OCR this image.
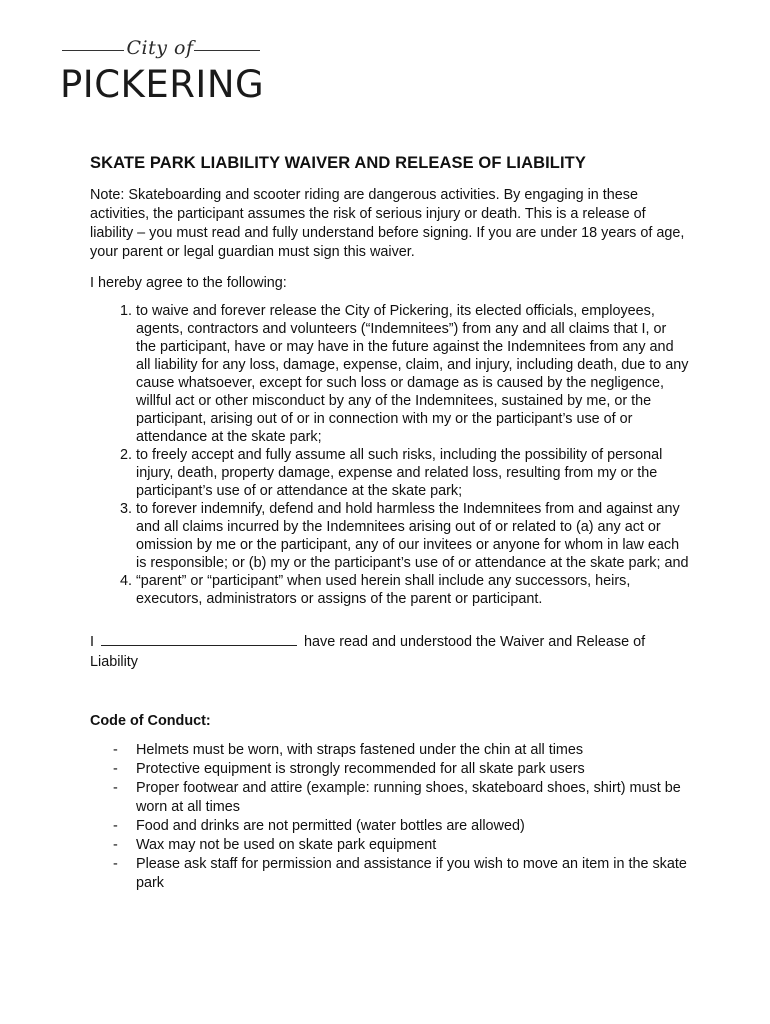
City of
PICKERING
SKATE PARK LIABILITY WAIVER AND RELEASE OF LIABILITY

Note: Skateboarding and scooter riding are dangerous activities. By engaging in these activities, the participant assumes the risk of serious injury or death. This is a release of liability – you must read and fully understand before signing. If you are under 18 years of age, your parent or legal guardian must sign this waiver.

I hereby agree to the following:

1. to waive and forever release the City of Pickering, its elected officials, employees, agents, contractors and volunteers (“Indemnitees”) from any and all claims that I, or the participant, have or may have in the future against the Indemnitees from any and all liability for any loss, damage, expense, claim, and injury, including death, due to any cause whatsoever, except for such loss or damage as is caused by the negligence, willful act or other misconduct by any of the Indemnitees, sustained by me, or the participant, arising out of or in connection with my or the participant’s use of or attendance at the skate park;
2. to freely accept and fully assume all such risks, including the possibility of personal injury, death, property damage, expense and related loss, resulting from my or the participant’s use of or attendance at the skate park;
3. to forever indemnify, defend and hold harmless the Indemnitees from and against any and all claims incurred by the Indemnitees arising out of or related to (a) any act or omission by me or the participant, any of our invitees or anyone for whom in law each is responsible; or (b) my or the participant’s use of or attendance at the skate park; and
4. “parent” or “participant” when used herein shall include any successors, heirs, executors, administrators or assigns of the parent or participant.

I	have read and understood the Waiver and Release of Liability

Code of Conduct:
- Helmets must be worn, with straps fastened under the chin at all times
- Protective equipment is strongly recommended for all skate park users
- Proper footwear and attire (example: running shoes, skateboard shoes, shirt) must be worn at all times
- Food and drinks are not permitted (water bottles are allowed)
- Wax may not be used on skate park equipment
- Please ask staff for permission and assistance if you wish to move an item in the skate park
